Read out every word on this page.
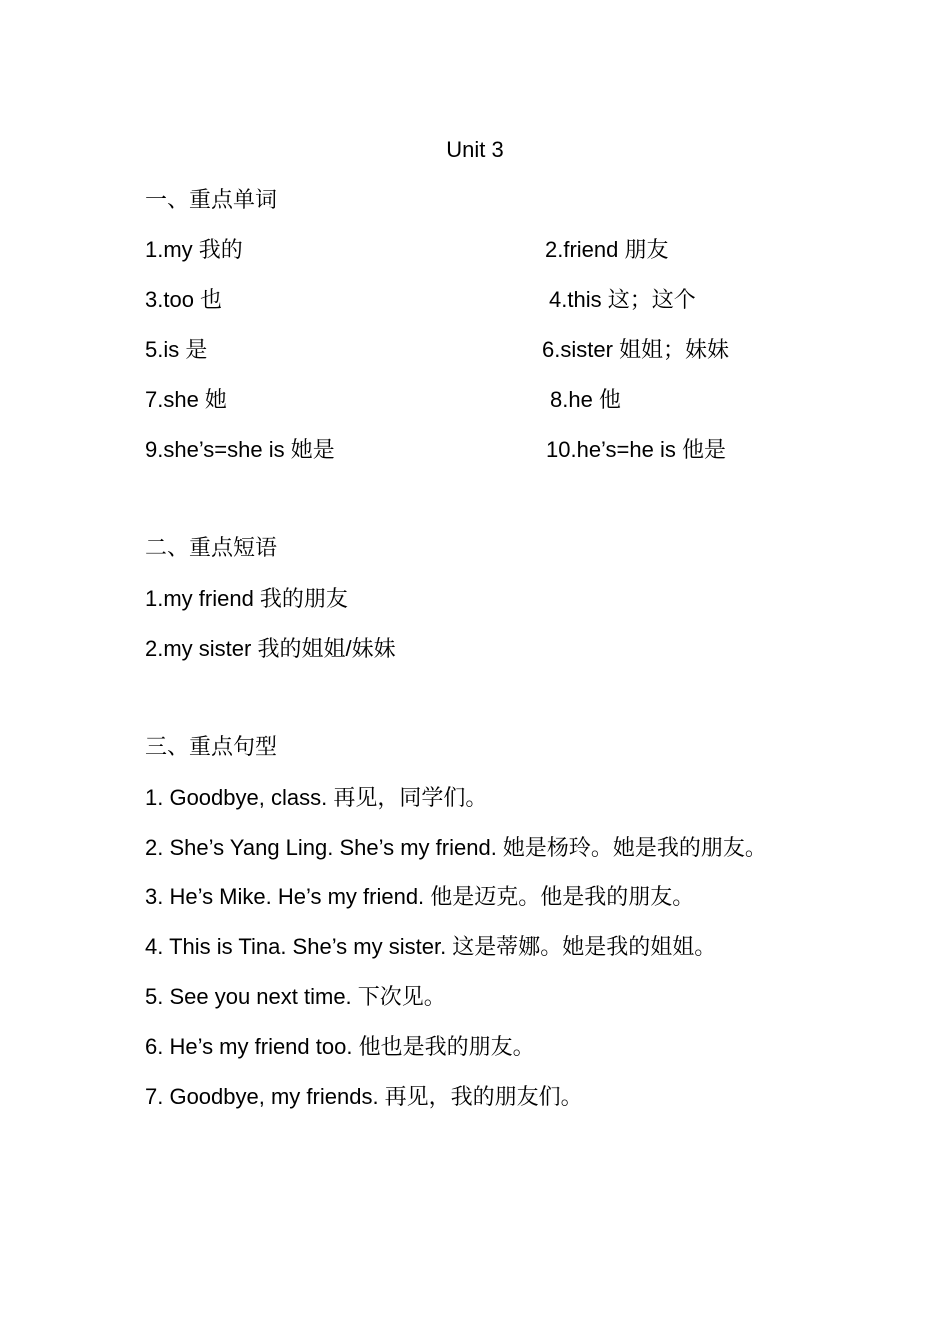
Unit 3
一、重点单词
1.my 我的	2.friend 朋友
3.too 也	4.this 这；这个
5.is 是	6.sister 姐姐；妹妹
7.she 她	8.he 他
9.she’s=she is 她是	10.he’s=he is 他是
二、重点短语
1.my friend 我的朋友
2.my sister 我的姐姐/妹妹
三、重点句型
1. Goodbye, class. 再见，同学们。
2. She’s Yang Ling. She’s my friend. 她是杨玲。她是我的朋友。
3. He’s Mike. He’s my friend. 他是迈克。他是我的朋友。
4. This is Tina. She’s my sister. 这是蒂娜。她是我的姐姐。
5. See you next time. 下次见。
6. He’s my friend too. 他也是我的朋友。
7. Goodbye, my friends. 再见，我的朋友们。
